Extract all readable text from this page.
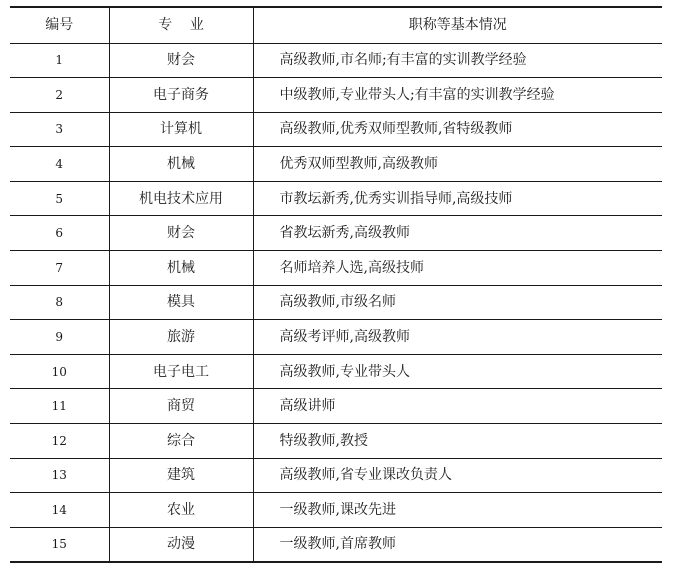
编号	专    业	职称等基本情况
1	财会	高级教师,市名师;有丰富的实训教学经验
2	电子商务	中级教师,专业带头人;有丰富的实训教学经验
3	计算机	高级教师,优秀双师型教师,省特级教师
4	机械	优秀双师型教师,高级教师
5	机电技术应用	市教坛新秀,优秀实训指导师,高级技师
6	财会	省教坛新秀,高级教师
7	机械	名师培养人选,高级技师
8	模具	高级教师,市级名师
9	旅游	高级考评师,高级教师
10	电子电工	高级教师,专业带头人
11	商贸	高级讲师
12	综合	特级教师,教授
13	建筑	高级教师,省专业课改负责人
14	农业	一级教师,课改先进
15	动漫	一级教师,首席教师
